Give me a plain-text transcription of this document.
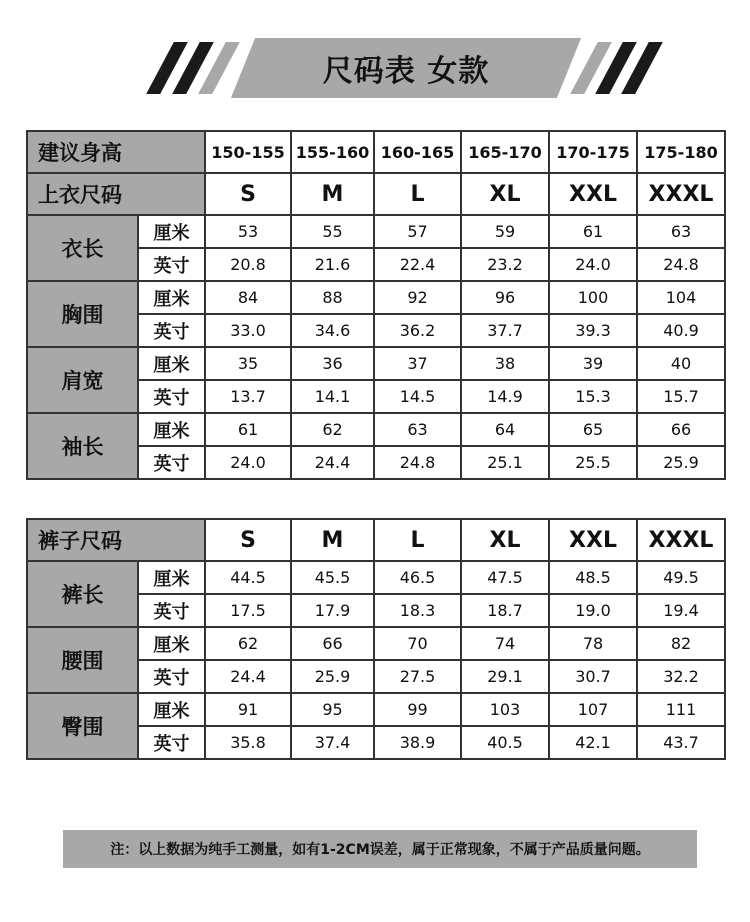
尺码表 女款
建议身高		150-155	155-160	160-165	165-170	170-175	175-180
上衣尺码		S	M	L	XL	XXL	XXXL
衣长	厘米	53	55	57	59	61	63
	英寸	20.8	21.6	22.4	23.2	24.0	24.8
胸围	厘米	84	88	92	96	100	104
	英寸	33.0	34.6	36.2	37.7	39.3	40.9
肩宽	厘米	35	36	37	38	39	40
	英寸	13.7	14.1	14.5	14.9	15.3	15.7
袖长	厘米	61	62	63	64	65	66
	英寸	24.0	24.4	24.8	25.1	25.5	25.9
裤子尺码		S	M	L	XL	XXL	XXXL
裤长	厘米	44.5	45.5	46.5	47.5	48.5	49.5
	英寸	17.5	17.9	18.3	18.7	19.0	19.4
腰围	厘米	62	66	70	74	78	82
	英寸	24.4	25.9	27.5	29.1	30.7	32.2
臀围	厘米	91	95	99	103	107	111
	英寸	35.8	37.4	38.9	40.5	42.1	43.7
注：以上数据为纯手工测量，如有1-2CM误差，属于正常现象，不属于产品质量问题。
